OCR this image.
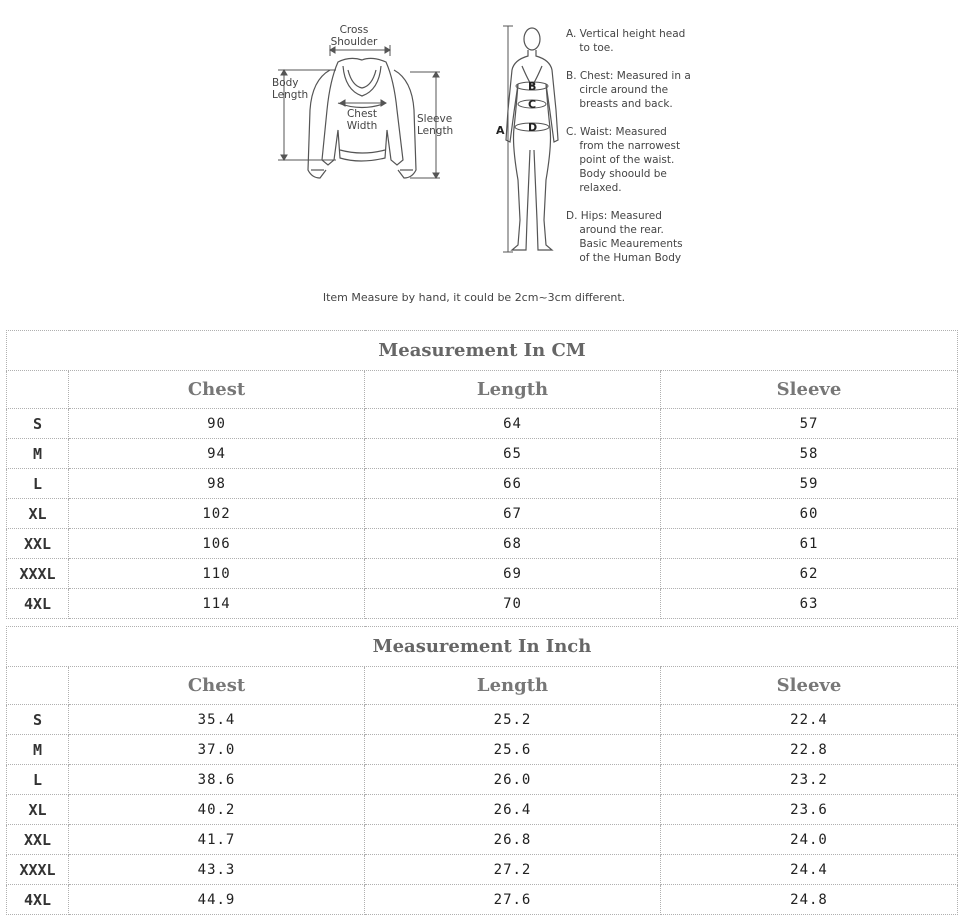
Cross
Shoulder
Body
Length
Chest
Width
Sleeve
Length	A
B
C
D
A. Vertical height head
to toe.
B. Chest: Measured in a
circle around the
breasts and back.
C. Waist: Measured
from the narrowest
point of the waist.
Body shoould be
relaxed.
D. Hips: Measured
around the rear.
Basic Meaurements
of the Human Body
Item Measure by hand, it could be 2cm~3cm different.
Measurement In CM			
	Chest	Length	Sleeve
S	90	64	57
M	94	65	58
L	98	66	59
XL	102	67	60
XXL	106	68	61
XXXL	110	69	62
4XL	114	70	63
Measurement In Inch			
	Chest	Length	Sleeve
S	35.4	25.2	22.4
M	37.0	25.6	22.8
L	38.6	26.0	23.2
XL	40.2	26.4	23.6
XXL	41.7	26.8	24.0
XXXL	43.3	27.2	24.4
4XL	44.9	27.6	24.8
